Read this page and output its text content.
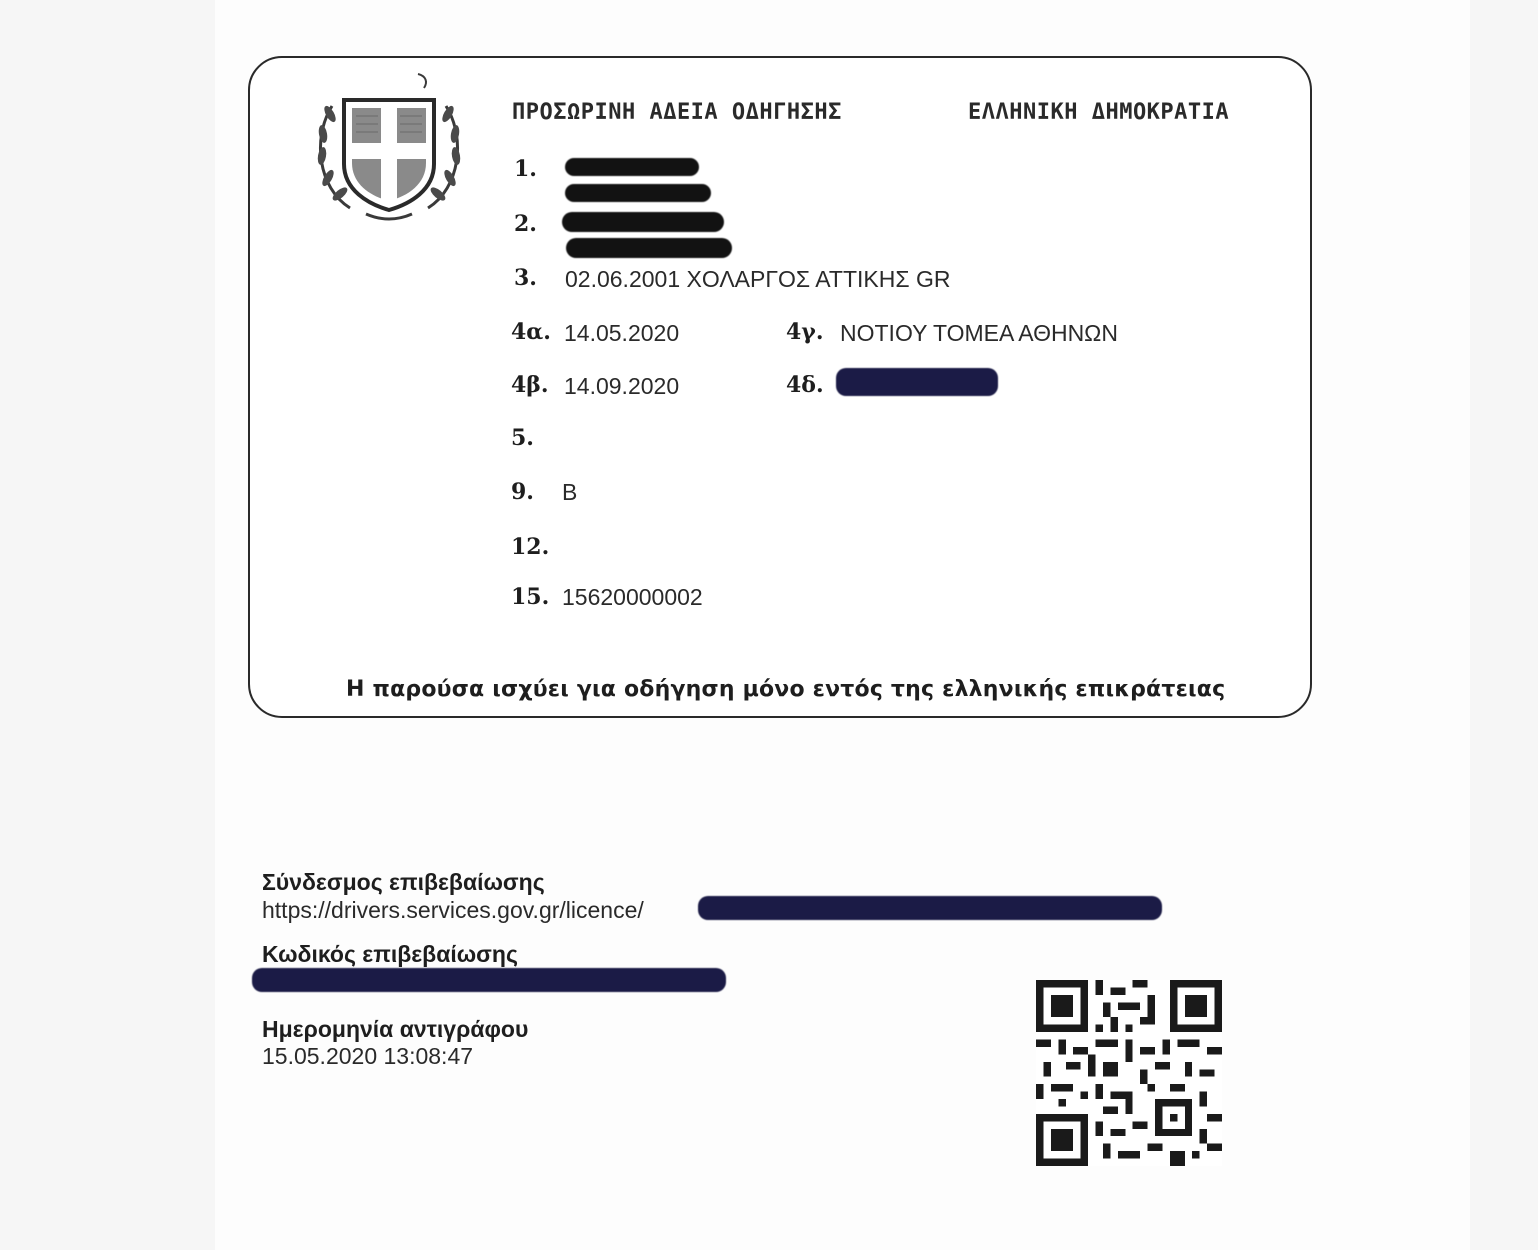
ΠΡΟΣΩΡΙΝΗ ΑΔΕΙΑ ΟΔΗΓΗΣΗΣ	ΕΛΛΗΝΙΚΗ ΔΗΜΟΚΡΑΤΙΑ
1.
2.
3. 02.06.2001 ΧΟΛΑΡΓΟΣ ΑΤΤΙΚΗΣ GR
4α. 14.05.2020	4γ. ΝΟΤΙΟΥ ΤΟΜΕΑ ΑΘΗΝΩΝ
4β. 14.09.2020	4δ.
5.
9. B
12.
15. 15620000002
Η παρούσα ισχύει για οδήγηση μόνο εντός της ελληνικής επικράτειας
Σύνδεσμος επιβεβαίωσης
https://drivers.services.gov.gr/licence/
Κωδικός επιβεβαίωσης
Ημερομηνία αντιγράφου
15.05.2020 13:08:47
